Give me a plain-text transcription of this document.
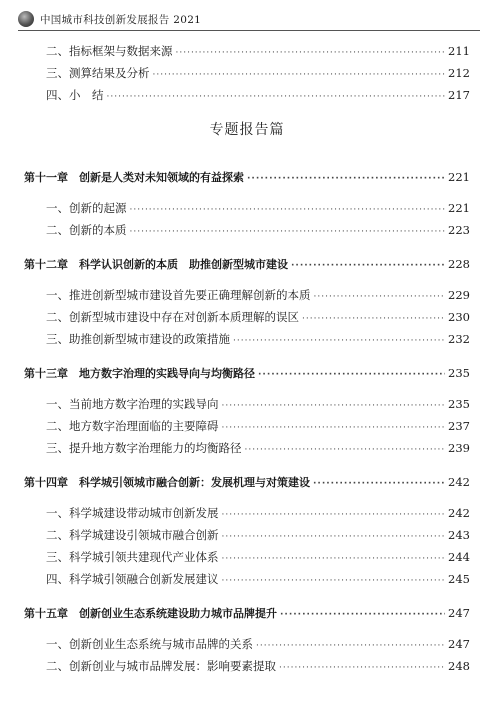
中国城市科技创新发展报告 2021
二、指标框架与数据来源 ·····	211
三、测算结果及分析 ·····	212
四、小　结 ·····	217
专题报告篇
第十一章　创新是人类对未知领域的有益探索 ·····	221
一、创新的起源 ·····	221
二、创新的本质 ·····	223
第十二章　科学认识创新的本质　助推创新型城市建设 ·····	228
一、推进创新型城市建设首先要正确理解创新的本质 ·····	229
二、创新型城市建设中存在对创新本质理解的误区 ·····	230
三、助推创新型城市建设的政策措施 ·····	232
第十三章　地方数字治理的实践导向与均衡路径 ·····	235
一、当前地方数字治理的实践导向 ·····	235
二、地方数字治理面临的主要障碍 ·····	237
三、提升地方数字治理能力的均衡路径 ·····	239
第十四章　科学城引领城市融合创新：发展机理与对策建设 ·····	242
一、科学城建设带动城市创新发展 ·····	242
二、科学城建设引领城市融合创新 ·····	243
三、科学城引领共建现代产业体系 ·····	244
四、科学城引领融合创新发展建议 ·····	245
第十五章　创新创业生态系统建设助力城市品牌提升 ·····	247
一、创新创业生态系统与城市品牌的关系 ·····	247
二、创新创业与城市品牌发展：影响要素提取 ·····	248
